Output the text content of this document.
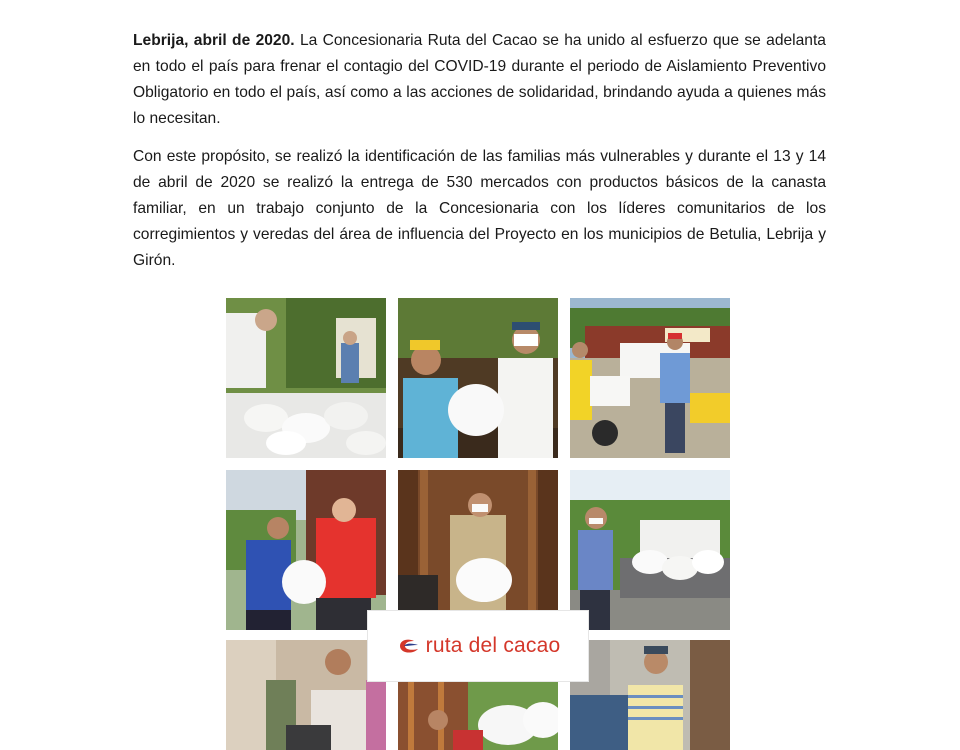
Lebrija, abril de 2020. La Concesionaria Ruta del Cacao se ha unido al esfuerzo que se adelanta en todo el país para frenar el contagio del COVID-19 durante el periodo de Aislamiento Preventivo Obligatorio en todo el país, así como a las acciones de solidaridad, brindando ayuda a quienes más lo necesitan.

Con este propósito, se realizó la identificación de las familias más vulnerables y durante el 13 y 14 de abril de 2020 se realizó la entrega de 530 mercados con productos básicos de la canasta familiar, en un trabajo conjunto de la Concesionaria con los líderes comunitarios de los corregimientos y veredas del área de influencia del Proyecto en los municipios de Betulia, Lebrija y Girón.

ruta del cacao
